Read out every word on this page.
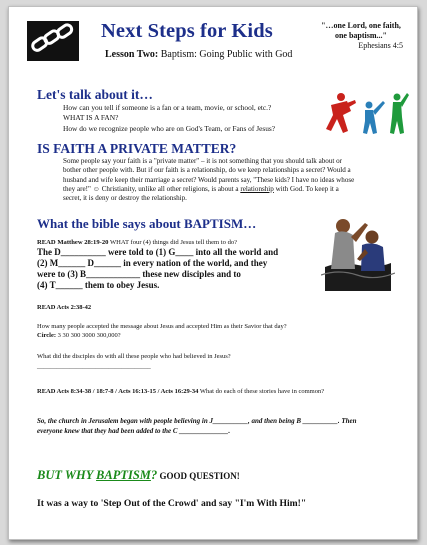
Next Steps for Kids
Lesson Two: Baptism: Going Public with God
"…one Lord, one faith, one baptism..."
Ephesians 4:5
Let's talk about it…
How can you tell if someone is a fan or a team, movie, or school, etc.?
WHAT IS A FAN?
How do we recognize people who are on God's Team, or Fans of Jesus?
IS FAITH A PRIVATE MATTER?
Some people say your faith is a "private matter" – it is not something that you should talk about or bother other people with. But if our faith is a relationship, do we keep relationships a secret? Would a husband and wife keep their marriage a secret? Would parents say, "These kids? I have no ideas whose they are!" ☺ Christianity, unlike all other religions, is about a relationship with God. To keep it a secret, it is deny or destroy the relationship.
What the bible says about BAPTISM…
READ Matthew 28:19-20 WHAT four (4) things did Jesus tell them to do?
The D__________ were told to (1) G____ into all the world and
(2) M______ D______ in every nation of the world, and they
were to (3) B____________ these new disciples and to
(4) T______ them to obey Jesus.
READ Acts 2:38-42
How many people accepted the message about Jesus and accepted Him as their Savior that day?
Circle: 3 30 300 3000 300,000?
What did the disciples do with all these people who had believed in Jesus?
___________________________________
READ Acts 8:34-38 / 18:7-8 / Acts 16:13-15 / Acts 16:29-34 What do each of these stories have in common?
So, the church in Jerusalem began with people believing in J__________, and then being B __________. Then everyone knew that they had been added to the C ______________.
BUT WHY BAPTISM? GOOD QUESTION!
It was a way to 'Step Out of the Crowd' and say "I'm With Him!"
